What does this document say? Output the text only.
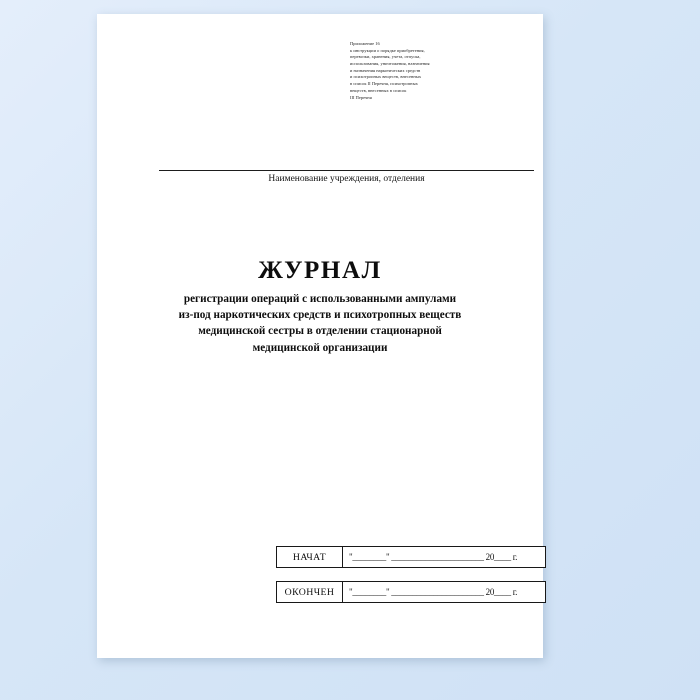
Приложение 16
к инструкции о порядке приобретения,
перевозки, хранения, учета, отпуска,
использования, уничтожения, назначения
и назначения наркотических средств
и психотропных веществ, внесенных
в список II Перечня, психотропных
веществ, внесенных в список
III Перечня
Наименование учреждения, отделения
ЖУРНАЛ
регистрации операций с использованными ампулами
из-под наркотических средств и психотропных веществ
медицинской сестры в отделении стационарной
медицинской организации
НАЧАТ	"________" ______________________ 20____ г.
ОКОНЧЕН	"________" ______________________ 20____ г.
